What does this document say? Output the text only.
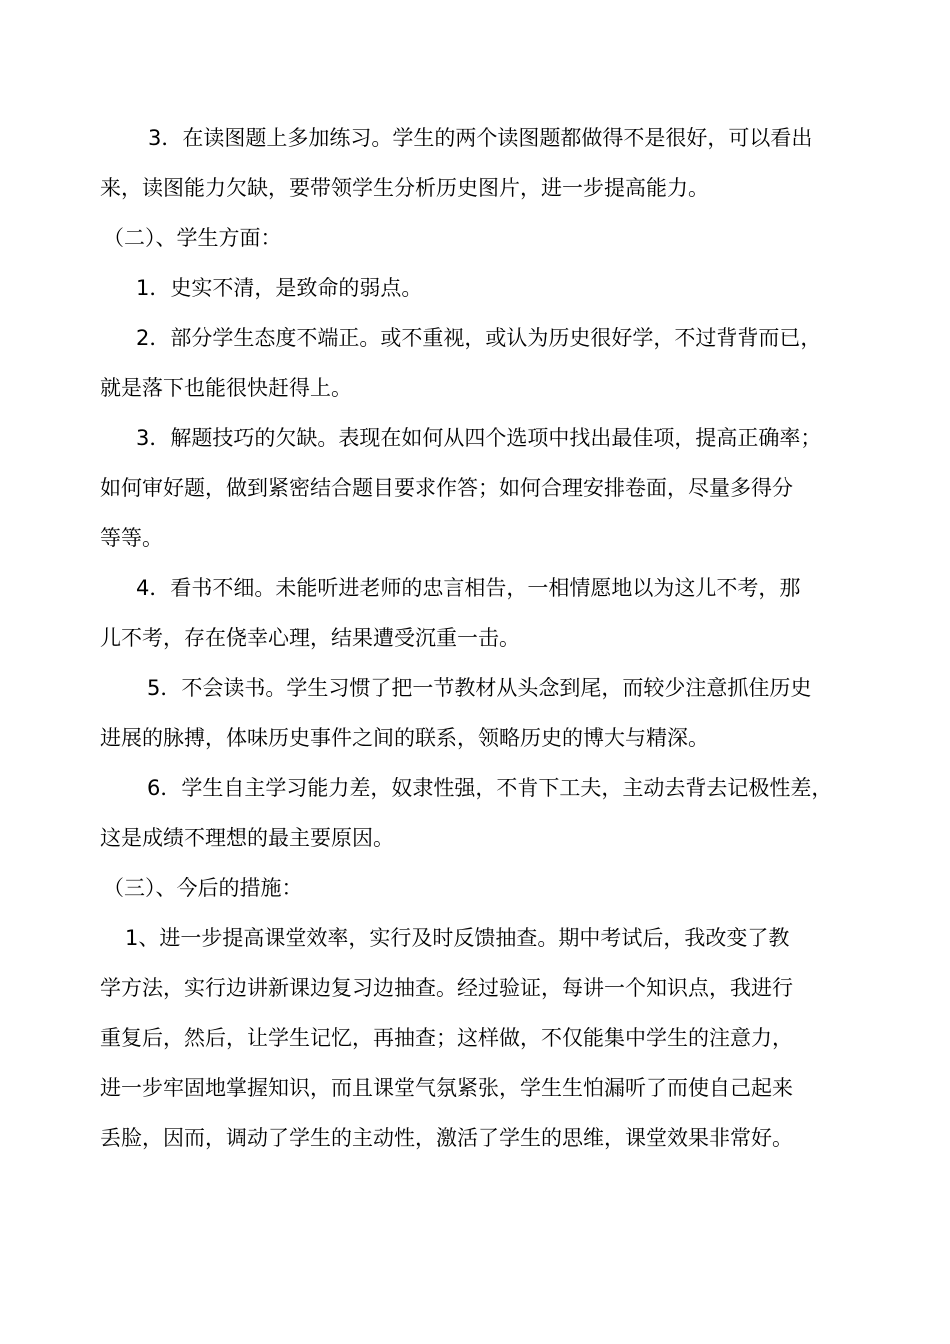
3．在读图题上多加练习。学生的两个读图题都做得不是很好，可以看出
来，读图能力欠缺，要带领学生分析历史图片，进一步提高能力。
（二）、学生方面：
1．史实不清，是致命的弱点。
2．部分学生态度不端正。或不重视，或认为历史很好学，不过背背而已，
就是落下也能很快赶得上。
3．解题技巧的欠缺。表现在如何从四个选项中找出最佳项，提高正确率；
如何审好题，做到紧密结合题目要求作答；如何合理安排卷面，尽量多得分
等等。
4．看书不细。未能听进老师的忠言相告，一相情愿地以为这儿不考，那
儿不考，存在侥幸心理，结果遭受沉重一击。
5．不会读书。学生习惯了把一节教材从头念到尾，而较少注意抓住历史
进展的脉搏，体味历史事件之间的联系，领略历史的博大与精深。
6．学生自主学习能力差，奴隶性强，不肯下工夫，主动去背去记极性差，
这是成绩不理想的最主要原因。
（三）、今后的措施：
1、进一步提高课堂效率，实行及时反馈抽查。期中考试后，我改变了教
学方法，实行边讲新课边复习边抽查。经过验证，每讲一个知识点，我进行
重复后，然后，让学生记忆，再抽查；这样做，不仅能集中学生的注意力，
进一步牢固地掌握知识，而且课堂气氛紧张，学生生怕漏听了而使自己起来
丢脸，因而，调动了学生的主动性，激活了学生的思维，课堂效果非常好。
